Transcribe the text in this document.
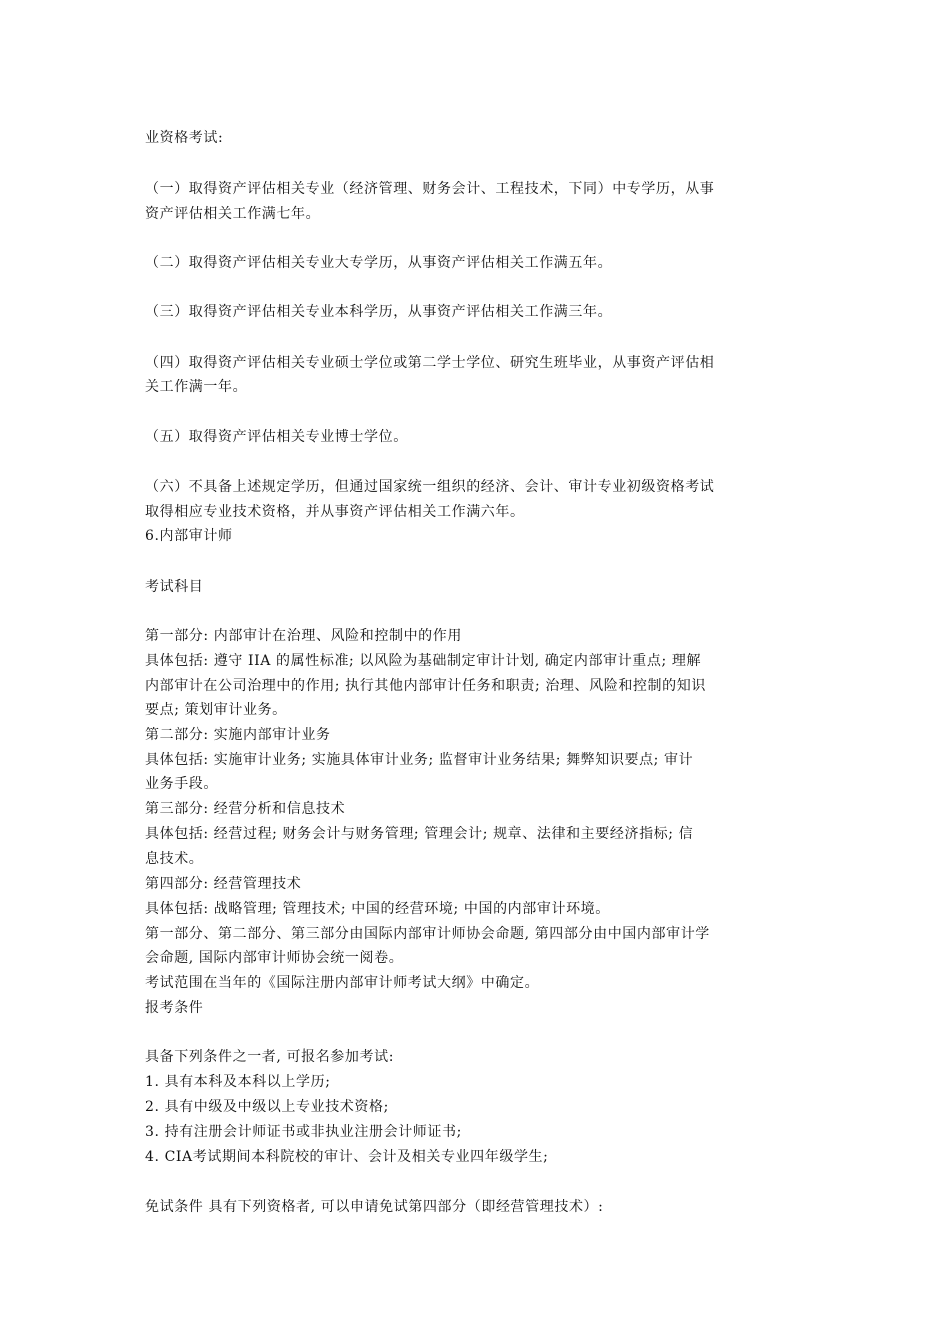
业资格考试:
（一）取得资产评估相关专业（经济管理、财务会计、工程技术，下同）中专学历，从事
资产评估相关工作满七年。
（二）取得资产评估相关专业大专学历，从事资产评估相关工作满五年。
（三）取得资产评估相关专业本科学历，从事资产评估相关工作满三年。
（四）取得资产评估相关专业硕士学位或第二学士学位、研究生班毕业，从事资产评估相
关工作满一年。
（五）取得资产评估相关专业博士学位。
（六）不具备上述规定学历，但通过国家统一组织的经济、会计、审计专业初级资格考试
取得相应专业技术资格，并从事资产评估相关工作满六年。
6.内部审计师
考试科目
第一部分: 内部审计在治理、风险和控制中的作用
具体包括: 遵守 IIA 的属性标准; 以风险为基础制定审计计划, 确定内部审计重点; 理解
内部审计在公司治理中的作用; 执行其他内部审计任务和职责; 治理、风险和控制的知识
要点; 策划审计业务。
第二部分: 实施内部审计业务
具体包括: 实施审计业务; 实施具体审计业务; 监督审计业务结果; 舞弊知识要点; 审计
业务手段。
第三部分: 经营分析和信息技术
具体包括: 经营过程; 财务会计与财务管理; 管理会计; 规章、法律和主要经济指标; 信
息技术。
第四部分: 经营管理技术
具体包括: 战略管理; 管理技术; 中国的经营环境; 中国的内部审计环境。
第一部分、第二部分、第三部分由国际内部审计师协会命题, 第四部分由中国内部审计学
会命题, 国际内部审计师协会统一阅卷。
考试范围在当年的《国际注册内部审计师考试大纲》中确定。
报考条件
具备下列条件之一者, 可报名参加考试:
1. 具有本科及本科以上学历;
2. 具有中级及中级以上专业技术资格;
3. 持有注册会计师证书或非执业注册会计师证书;
4. CIA考试期间本科院校的审计、会计及相关专业四年级学生;
免试条件 具有下列资格者, 可以申请免试第四部分（即经营管理技术）:
